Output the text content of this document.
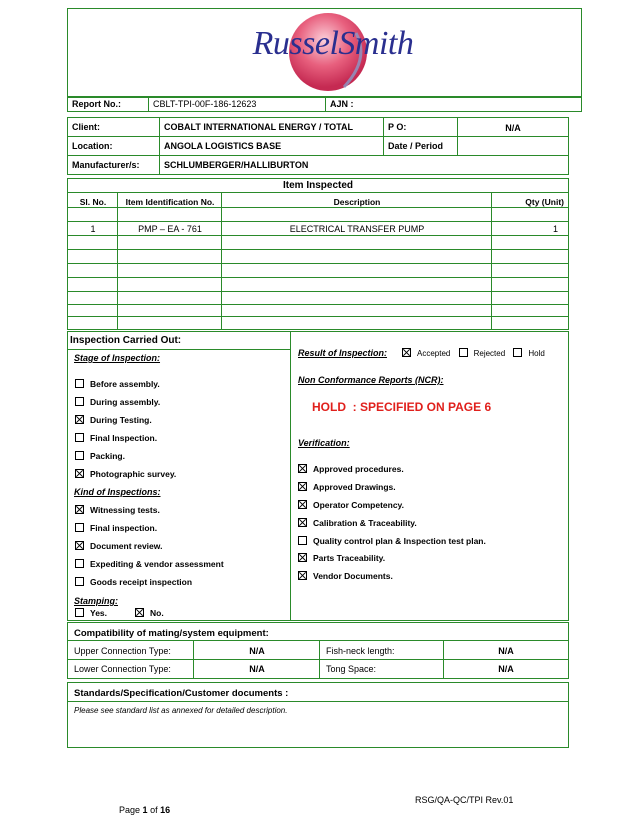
RusselSmith
Report No.:	CBLT-TPI-00F-186-12623	AJN :
Client:	COBALT INTERNATIONAL ENERGY / TOTAL	P O:	N/A
Location:	ANGOLA LOGISTICS BASE	Date / Period
Manufacturer/s:	SCHLUMBERGER/HALLIBURTON
Item Inspected
Sl. No.	Item Identification No.	Description	Qty (Unit)
1	PMP – EA - 761	ELECTRICAL TRANSFER PUMP	1
Inspection Carried Out:
Stage of Inspection:
Before assembly.
During assembly.
During Testing.
Final Inspection.
Packing.
Photographic survey.
Kind of Inspections:
Witnessing tests.
Final inspection.
Document review.
Expediting & vendor assessment
Goods receipt inspection
Stamping:
Yes.	No.
Result of Inspection:	Accepted	Rejected	Hold
Non Conformance Reports (NCR):
HOLD  : SPECIFIED ON PAGE 6
Verification:
Approved procedures.
Approved Drawings.
Operator Competency.
Calibration & Traceability.
Quality control plan & Inspection test plan.
Parts Traceability.
Vendor Documents.
Compatibility of mating/system equipment:
Upper Connection Type:	N/A	Fish-neck length:	N/A
Lower Connection Type:	N/A	Tong Space:	N/A
Standards/Specification/Customer documents :
Please see standard list as annexed for detailed description.

Page 1 of 16

RSG/QA-QC/TPI Rev.01
